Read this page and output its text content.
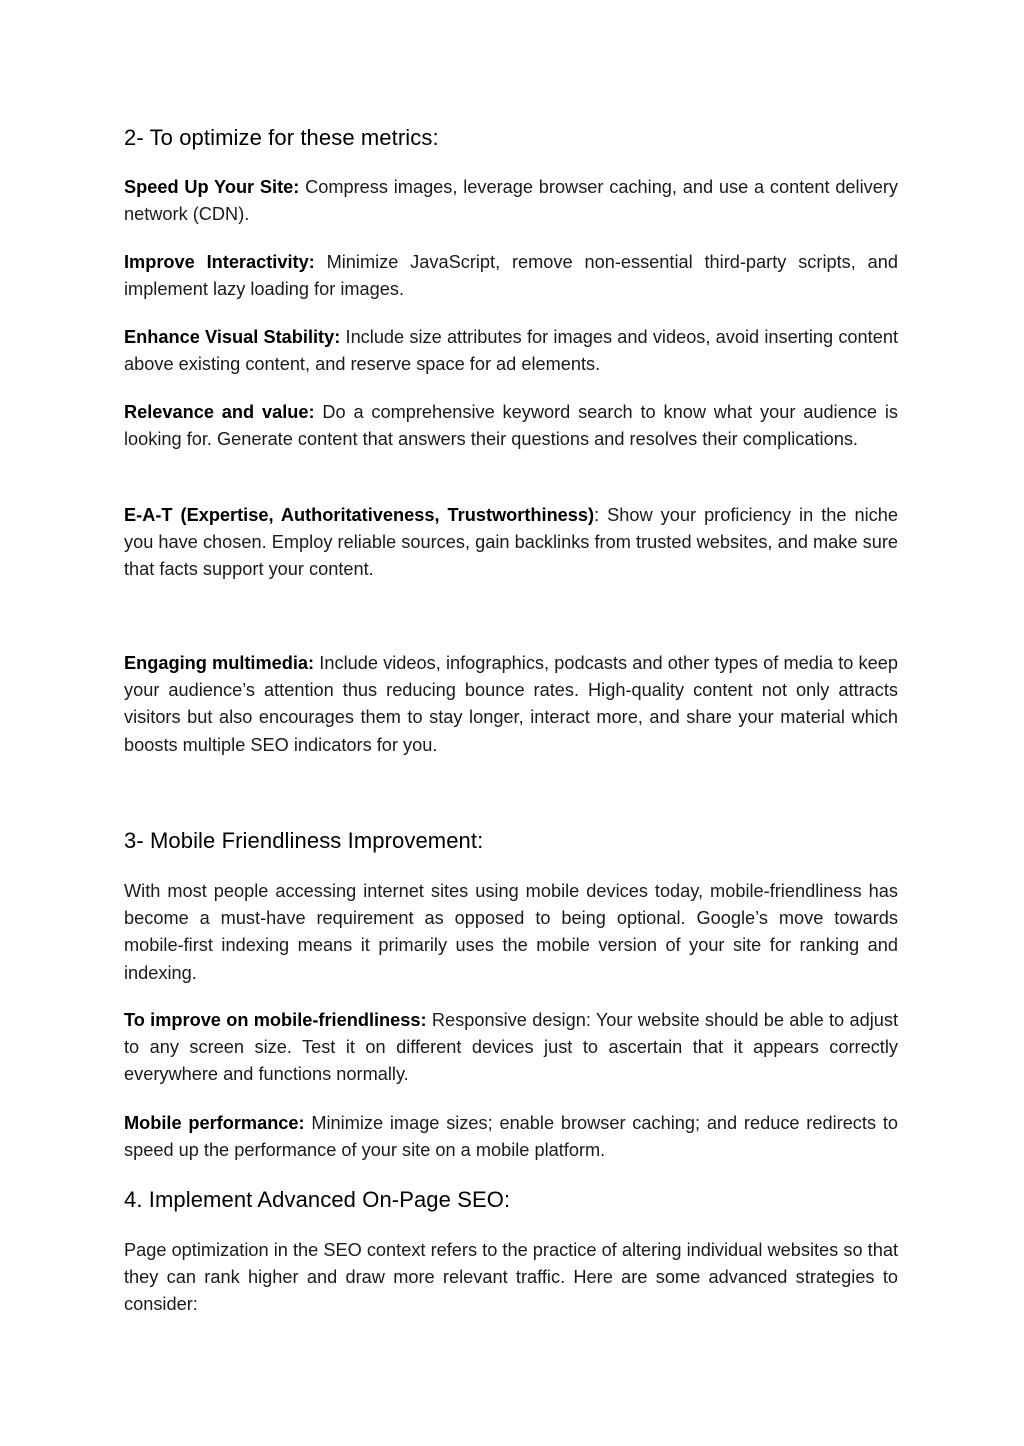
2- To optimize for these metrics:

Speed Up Your Site: Compress images, leverage browser caching, and use a content delivery network (CDN).

Improve Interactivity: Minimize JavaScript, remove non-essential third-party scripts, and implement lazy loading for images.

Enhance Visual Stability: Include size attributes for images and videos, avoid inserting content above existing content, and reserve space for ad elements.

Relevance and value: Do a comprehensive keyword search to know what your audience is looking for. Generate content that answers their questions and resolves their complications.

E-A-T (Expertise, Authoritativeness, Trustworthiness): Show your proficiency in the niche you have chosen. Employ reliable sources, gain backlinks from trusted websites, and make sure that facts support your content.

Engaging multimedia: Include videos, infographics, podcasts and other types of media to keep your audience’s attention thus reducing bounce rates. High-quality content not only attracts visitors but also encourages them to stay longer, interact more, and share your material which boosts multiple SEO indicators for you.

3- Mobile Friendliness Improvement:

With most people accessing internet sites using mobile devices today, mobile-friendliness has become a must-have requirement as opposed to being optional. Google’s move towards mobile-first indexing means it primarily uses the mobile version of your site for ranking and indexing.

To improve on mobile-friendliness: Responsive design: Your website should be able to adjust to any screen size. Test it on different devices just to ascertain that it appears correctly everywhere and functions normally.

Mobile performance: Minimize image sizes; enable browser caching; and reduce redirects to speed up the performance of your site on a mobile platform.

4. Implement Advanced On-Page SEO:

Page optimization in the SEO context refers to the practice of altering individual websites so that they can rank higher and draw more relevant traffic. Here are some advanced strategies to consider:
